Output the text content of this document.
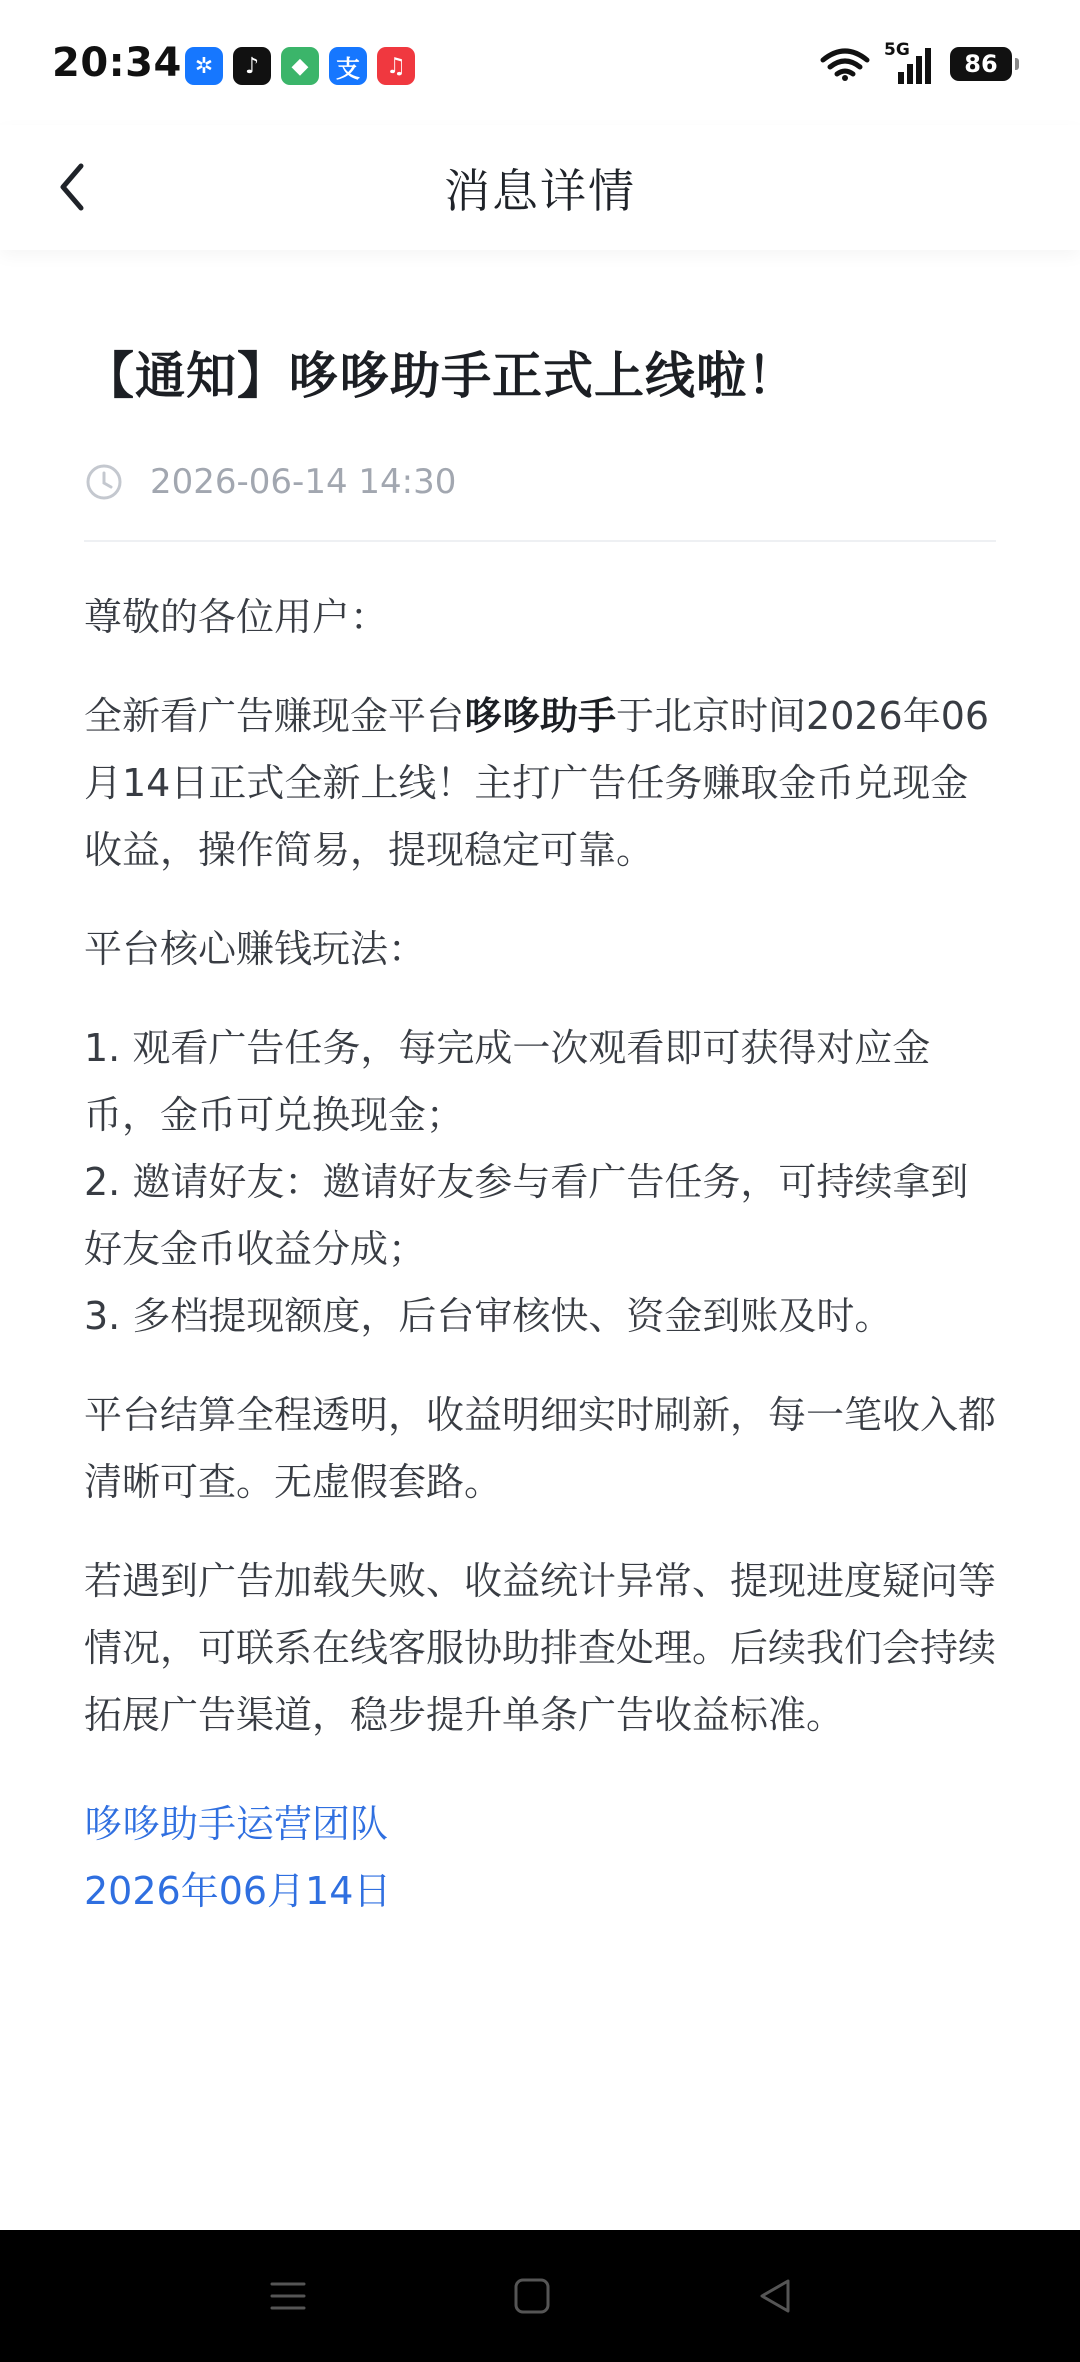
20:34 ✲	♪	◆	支	♫
5G 86
消息详情
【通知】哆哆助手正式上线啦！
2026-06-14 14:30

尊敬的各位用户：

全新看广告赚现金平台哆哆助手于北京时间2026年06月14日正式全新上线！主打广告任务赚取金币兑现金收益，操作简易，提现稳定可靠。

平台核心赚钱玩法：

1. 观看广告任务，每完成一次观看即可获得对应金币，金币可兑换现金；
2. 邀请好友：邀请好友参与看广告任务，可持续拿到好友金币收益分成；
3. 多档提现额度，后台审核快、资金到账及时。

平台结算全程透明，收益明细实时刷新，每一笔收入都清晰可查。无虚假套路。

若遇到广告加载失败、收益统计异常、提现进度疑问等情况，可联系在线客服协助排查处理。后续我们会持续拓展广告渠道，稳步提升单条广告收益标准。

哆哆助手运营团队
2026年06月14日
